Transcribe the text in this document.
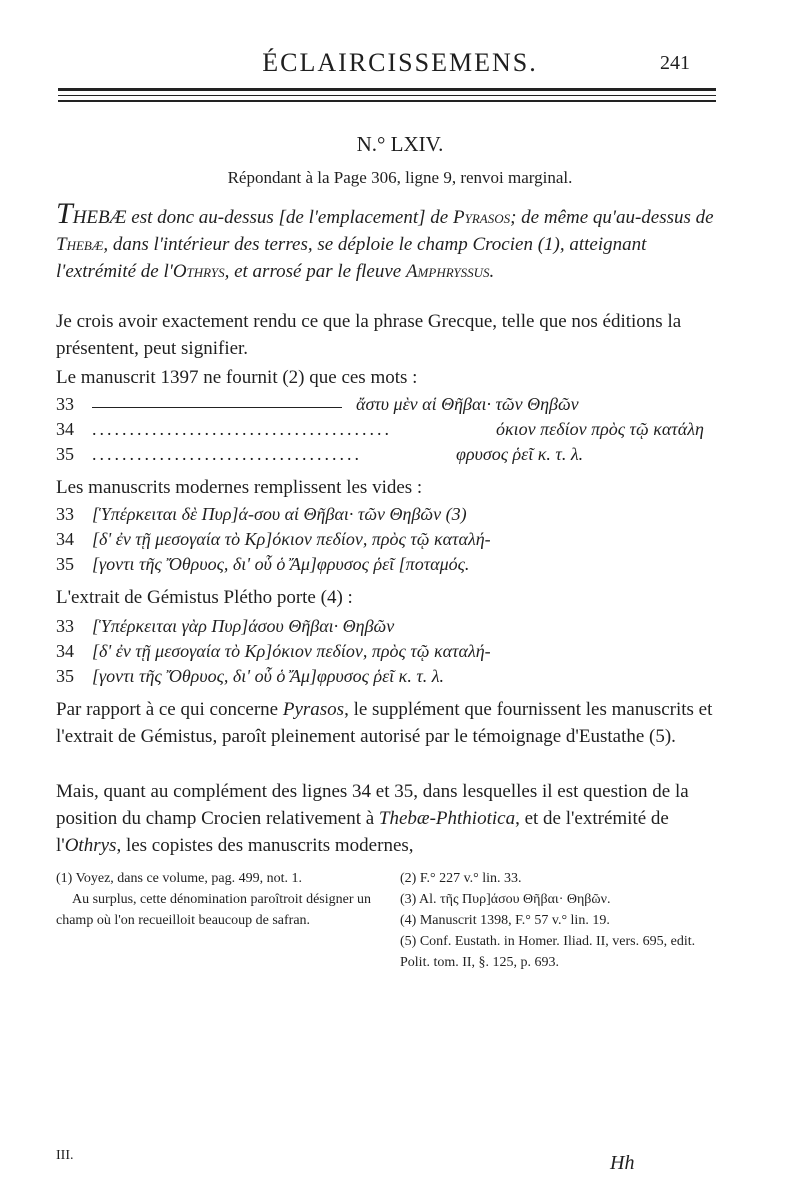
ÉCLAIRCISSEMENS.	241
N.° LXIV.
Répondant à la Page 306, ligne 9, renvoi marginal.

THEBÆ est donc au-dessus [de l'emplacement] de Pyrasos; de même qu'au-dessus de Thebæ, dans l'intérieur des terres, se déploie le champ Crocien (1), atteignant l'extrémité de l'Othrys, et arrosé par le fleuve Amphryssus.

Je crois avoir exactement rendu ce que la phrase Grecque, telle que nos éditions la présentent, peut signifier.

Le manuscrit 1397 ne fournit (2) que ces mots :

33	ἄστυ μὲν αἱ Θῆβαι· τῶν Θηβῶν
34 ........................................	όκιον πεδίον πρὸς τῷ κατάλη
35 ....................................	φρυσος ῥεῖ κ. τ. λ.

Les manuscrits modernes remplissent les vides :

33 [Ὑπέρκειται δὲ Πυρ]ά-σου αἱ Θῆβαι· τῶν Θηβῶν (3)
34 [δ' ἐν τῇ μεσογαία τὸ Κρ]όκιον πεδίον, πρὸς τῷ καταλή-
35 [γοντι τῆς Ὄθρυος, δι' οὗ ὁ Ἄμ]φρυσος ῥεῖ [ποταμός.

L'extrait de Gémistus Plétho porte (4) :

33 [Ὑπέρκειται γὰρ Πυρ]άσου Θῆβαι· Θηβῶν
34 [δ' ἐν τῇ μεσογαία τὸ Κρ]όκιον πεδίον, πρὸς τῷ καταλή-
35 [γοντι τῆς Ὄθρυος, δι' οὗ ὁ Ἄμ]φρυσος ῥεῖ κ. τ. λ.

Par rapport à ce qui concerne Pyrasos, le supplément que fournissent les manuscrits et l'extrait de Gémistus, paroît pleinement autorisé par le témoignage d'Eustathe (5).

Mais, quant au complément des lignes 34 et 35, dans lesquelles il est question de la position du champ Crocien relativement à Thebæ-Phthiotica, et de l'extrémité de l'Othrys, les copistes des manuscrits modernes,

(1) Voyez, dans ce volume, pag. 499, not. 1.

Au surplus, cette dénomination paroîtroit désigner un champ où l'on recueilloit beaucoup de safran.

(2) F.° 227 v.° lin. 33.

(3) Al. τῆς Πυρ]άσου Θῆβαι· Θηβῶν.

(4) Manuscrit 1398, F.° 57 v.° lin. 19.

(5) Conf. Eustath. in Homer. Iliad. II, vers. 695, edit. Polit. tom. II, §. 125, p. 693.

III.	Hh
